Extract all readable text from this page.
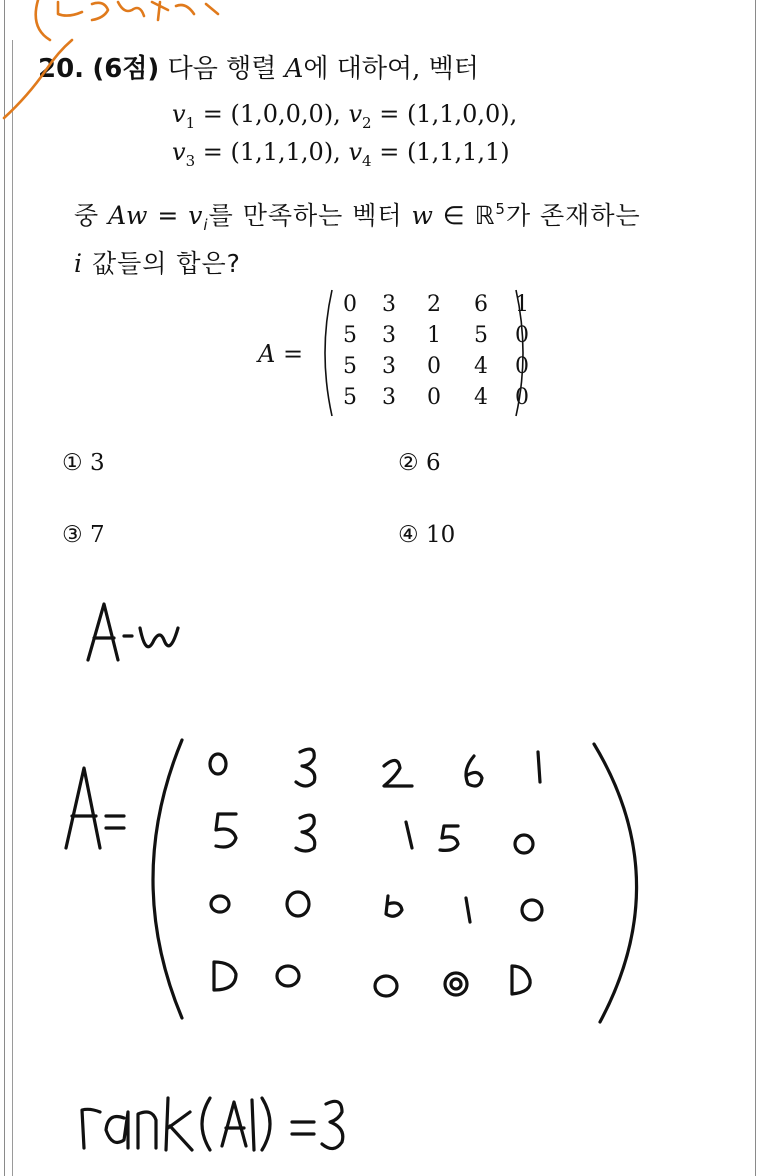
20. (6점) 다음 행렬 A에 대하여, 벡터
$v_1 = (1,0,0,0)$, $v_2 = (1,1,0,0)$,
$v_3 = (1,1,1,0)$, $v_4 = (1,1,1,1)$
중 $Aw = v_i$를 만족하는 벡터 w ∈ ℝ$^5$가 존재하는
i 값들의 합은?
A =
0	3	2	6	1
5	3	1	5	0
5	3	0	4	0
5	3	0	4	0
① 3	② 6
③ 7	④ 10
